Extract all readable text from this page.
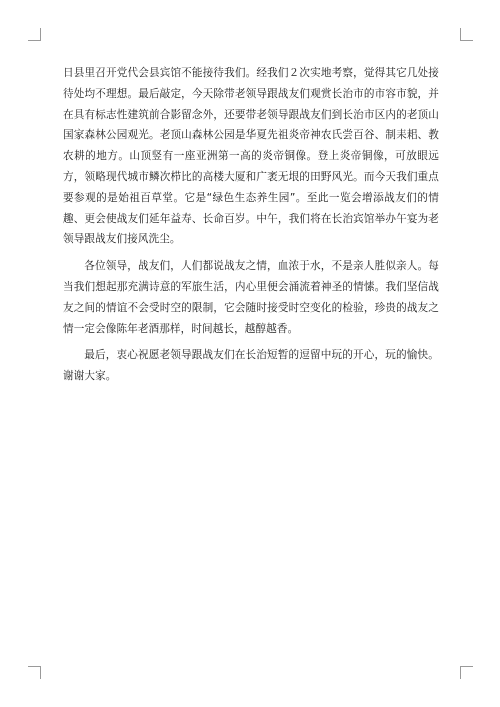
日县里召开党代会县宾馆不能接待我们。经我们２次实地考察，觉得其它几处接待处均不理想。最后敲定，今天除带老领导跟战友们观赏长治市的市容市貌，并在具有标志性建筑前合影留念外，还要带老领导跟战友们到长治市区内的老顶山国家森林公园观光。老顶山森林公园是华夏先祖炎帝神农氏尝百谷、制耒耜、教农耕的地方。山顶竖有一座亚洲第一高的炎帝铜像。登上炎帝铜像，可放眼远方，领略现代城市鳞次栉比的高楼大厦和广袤无垠的田野风光。而今天我们重点要参观的是始祖百草堂。它是“绿色生态养生园”。至此一览会增添战友们的情趣、更会使战友们延年益寿、长命百岁。中午，我们将在长治宾馆举办午宴为老领导跟战友们接风洗尘。

各位领导，战友们，人们都说战友之情，血浓于水，不是亲人胜似亲人。每当我们想起那充满诗意的军旅生活，内心里便会涌流着神圣的情愫。我们坚信战友之间的情谊不会受时空的限制，它会随时接受时空变化的检验，珍贵的战友之情一定会像陈年老酒那样，时间越长，越醇越香。

最后，衷心祝愿老领导跟战友们在长治短暂的逗留中玩的开心，玩的愉快。谢谢大家。
